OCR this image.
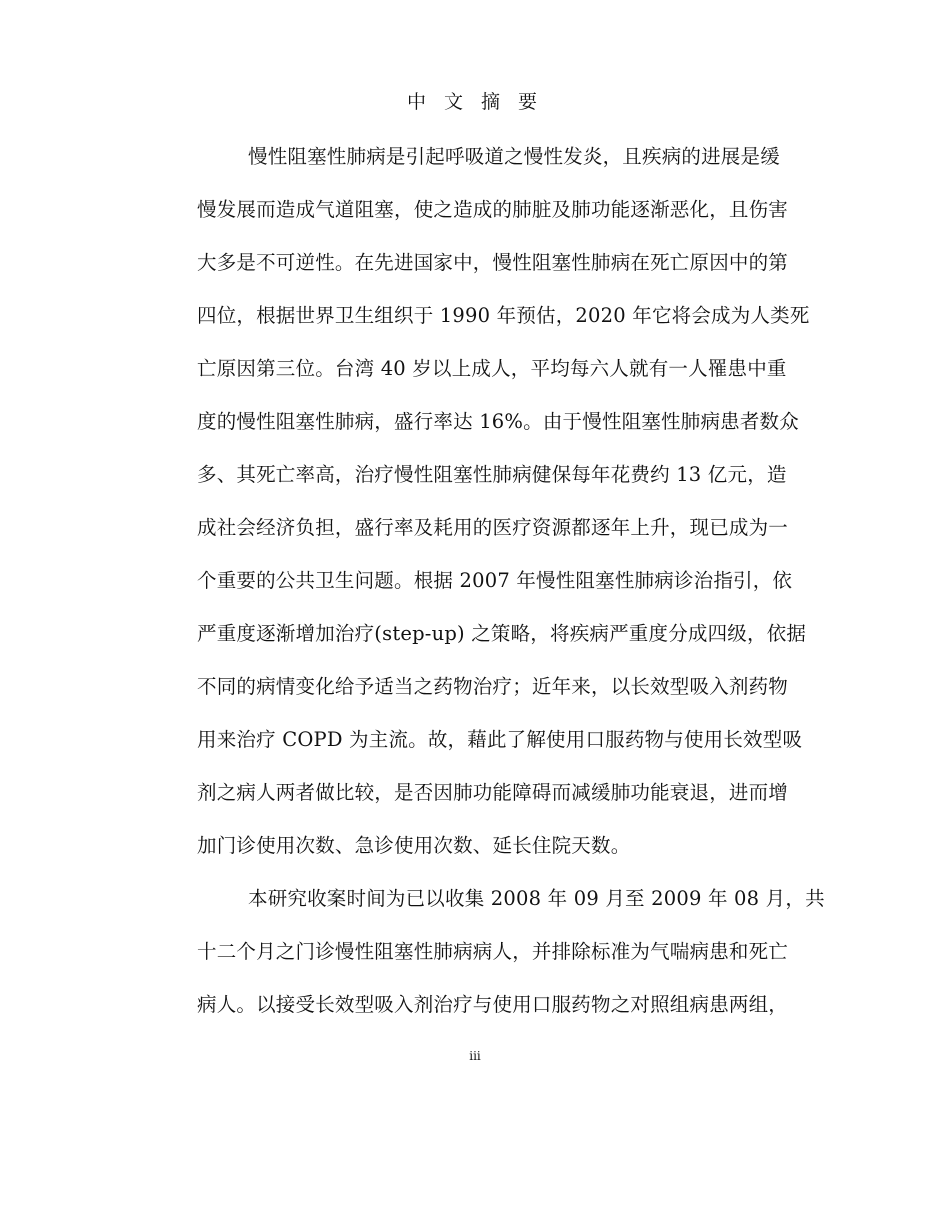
中 文 摘 要
慢性阻塞性肺病是引起呼吸道之慢性发炎，且疾病的进展是缓
慢发展而造成气道阻塞，使之造成的肺脏及肺功能逐渐恶化，且伤害
大多是不可逆性。在先进国家中，慢性阻塞性肺病在死亡原因中的第
四位，根据世界卫生组织于 1990 年预估，2020 年它将会成为人类死
亡原因第三位。台湾 40 岁以上成人，平均每六人就有一人罹患中重
度的慢性阻塞性肺病，盛行率达 16%。由于慢性阻塞性肺病患者数众
多、其死亡率高，治疗慢性阻塞性肺病健保每年花费约 13 亿元，造
成社会经济负担，盛行率及耗用的医疗资源都逐年上升，现已成为一
个重要的公共卫生问题。根据 2007 年慢性阻塞性肺病诊治指引，依
严重度逐渐增加治疗(step-up) 之策略，将疾病严重度分成四级，依据
不同的病情变化给予适当之药物治疗；近年来，以长效型吸入剂药物
用来治疗 COPD 为主流。故，藉此了解使用口服药物与使用长效型吸
剂之病人两者做比较，是否因肺功能障碍而减缓肺功能衰退，进而增
加门诊使用次数、急诊使用次数、延长住院天数。
本研究收案时间为已以收集 2008 年 09 月至 2009 年 08 月，共
十二个月之门诊慢性阻塞性肺病病人，并排除标准为气喘病患和死亡
病人。以接受长效型吸入剂治疗与使用口服药物之对照组病患两组，
iii
